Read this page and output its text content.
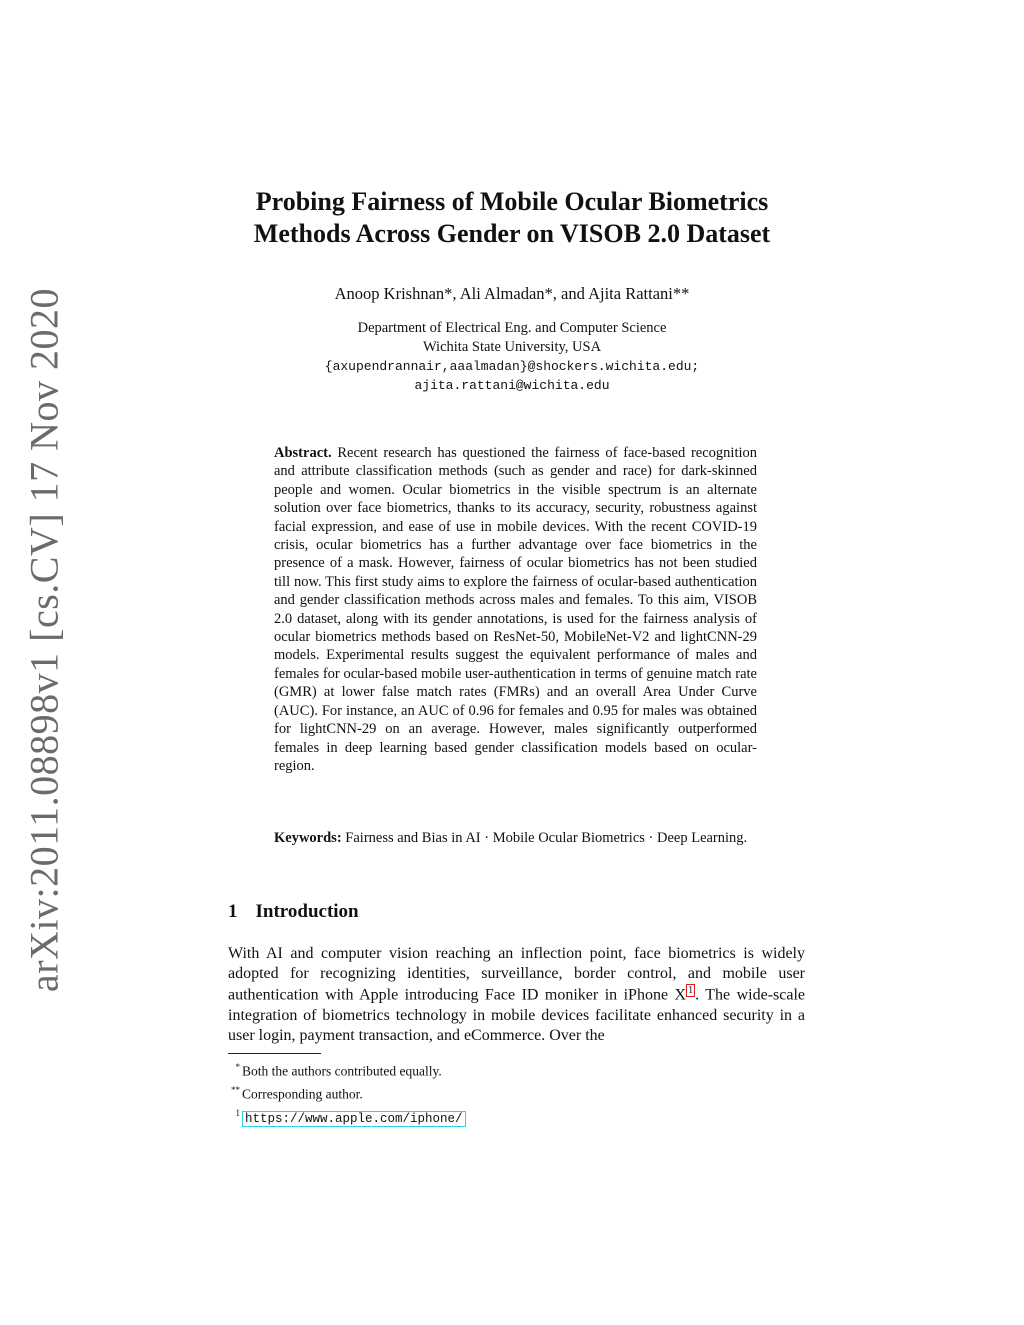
arXiv:2011.08898v1 [cs.CV] 17 Nov 2020
Probing Fairness of Mobile Ocular Biometrics
Methods Across Gender on VISOB 2.0 Dataset
Anoop Krishnan*, Ali Almadan*, and Ajita Rattani**
Department of Electrical Eng. and Computer Science
Wichita State University, USA
{axupendrannair,aaalmadan}@shockers.wichita.edu;
ajita.rattani@wichita.edu
Abstract. Recent research has questioned the fairness of face-based recognition and attribute classification methods (such as gender and race) for dark-skinned people and women. Ocular biometrics in the visible spectrum is an alternate solution over face biometrics, thanks to its accuracy, security, robustness against facial expression, and ease of use in mobile devices. With the recent COVID-19 crisis, ocular biometrics has a further advantage over face biometrics in the presence of a mask. However, fairness of ocular biometrics has not been studied till now. This first study aims to explore the fairness of ocular-based authentication and gender classification methods across males and females. To this aim, VISOB 2.0 dataset, along with its gender annotations, is used for the fairness analysis of ocular biometrics methods based on ResNet-50, MobileNet-V2 and lightCNN-29 models. Experimental results suggest the equivalent performance of males and females for ocular-based mobile user-authentication in terms of genuine match rate (GMR) at lower false match rates (FMRs) and an overall Area Under Curve (AUC). For instance, an AUC of 0.96 for females and 0.95 for males was obtained for lightCNN-29 on an average. However, males significantly outperformed females in deep learning based gender classification models based on ocular-region.
Keywords: Fairness and Bias in AI · Mobile Ocular Biometrics · Deep Learning.
1 Introduction
With AI and computer vision reaching an inflection point, face biometrics is widely adopted for recognizing identities, surveillance, border control, and mobile user authentication with Apple introducing Face ID moniker in iPhone X 1 . The wide-scale integration of biometrics technology in mobile devices facilitate enhanced security in a user login, payment transaction, and eCommerce. Over the
* Both the authors contributed equally.
** Corresponding author.
1 https://www.apple.com/iphone/
